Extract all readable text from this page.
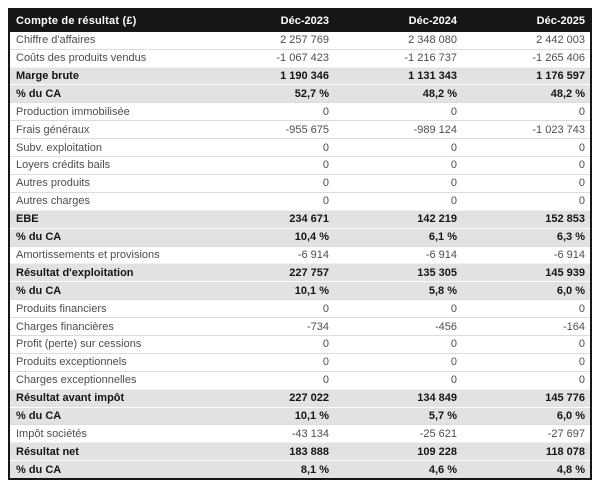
Compte de résultat (£)	Déc-2023	Déc-2024	Déc-2025
Chiffre d'affaires	2 257 769	2 348 080	2 442 003
Coûts des produits vendus	-1 067 423	-1 216 737	-1 265 406
Marge brute	1 190 346	1 131 343	1 176 597
% du CA	52,7 %	48,2 %	48,2 %
Production immobilisée	0	0	0
Frais généraux	-955 675	-989 124	-1 023 743
Subv. exploitation	0	0	0
Loyers crédits bails	0	0	0
Autres produits	0	0	0
Autres charges	0	0	0
EBE	234 671	142 219	152 853
% du CA	10,4 %	6,1 %	6,3 %
Amortissements et provisions	-6 914	-6 914	-6 914
Résultat d'exploitation	227 757	135 305	145 939
% du CA	10,1 %	5,8 %	6,0 %
Produits financiers	0	0	0
Charges financières	-734	-456	-164
Profit (perte) sur cessions	0	0	0
Produits exceptionnels	0	0	0
Charges exceptionnelles	0	0	0
Résultat avant impôt	227 022	134 849	145 776
% du CA	10,1 %	5,7 %	6,0 %
Impôt sociétés	-43 134	-25 621	-27 697
Résultat net	183 888	109 228	118 078
% du CA	8,1 %	4,6 %	4,8 %
